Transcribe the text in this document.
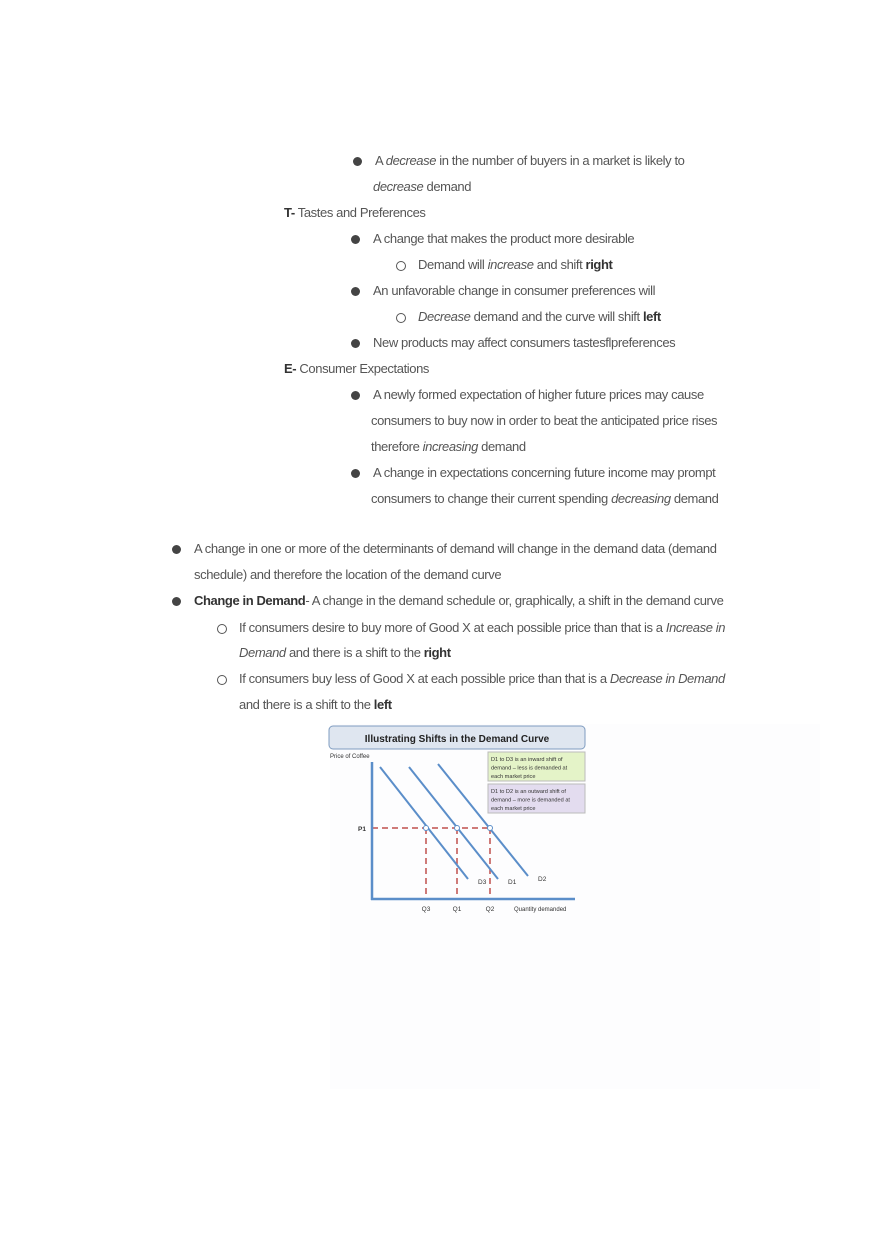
A decrease in the number of buyers in a market is likely to
decrease demand
T- Tastes and Preferences
A change that makes the product more desirable
Demand will increase and shift right
An unfavorable change in consumer preferences will
Decrease demand and the curve will shift left
New products may affect consumers tastesflpreferences
E- Consumer Expectations
A newly formed expectation of higher future prices may cause
consumers to buy now in order to beat the anticipated price rises
therefore increasing demand
A change in expectations concerning future income may prompt
consumers to change their current spending decreasing demand
A change in one or more of the determinants of demand will change in the demand data (demand
schedule) and therefore the location of the demand curve
Change in Demand- A change in the demand schedule or, graphically, a shift in the demand curve
If consumers desire to buy more of Good X at each possible price than that is a Increase in
Demand and there is a shift to the right
If consumers buy less of Good X at each possible price than that is a Decrease in Demand
and there is a shift to the left
Illustrating Shifts in the Demand Curve
D1 to D3 is an inward shift of
demand – less is demanded at
each market price
D1 to D2 is an outward shift of
demand – more is demanded at
each market price
Price of Coffee
Q3	Q1	Q2
D3	D1	D2
P1
Quantity demanded
